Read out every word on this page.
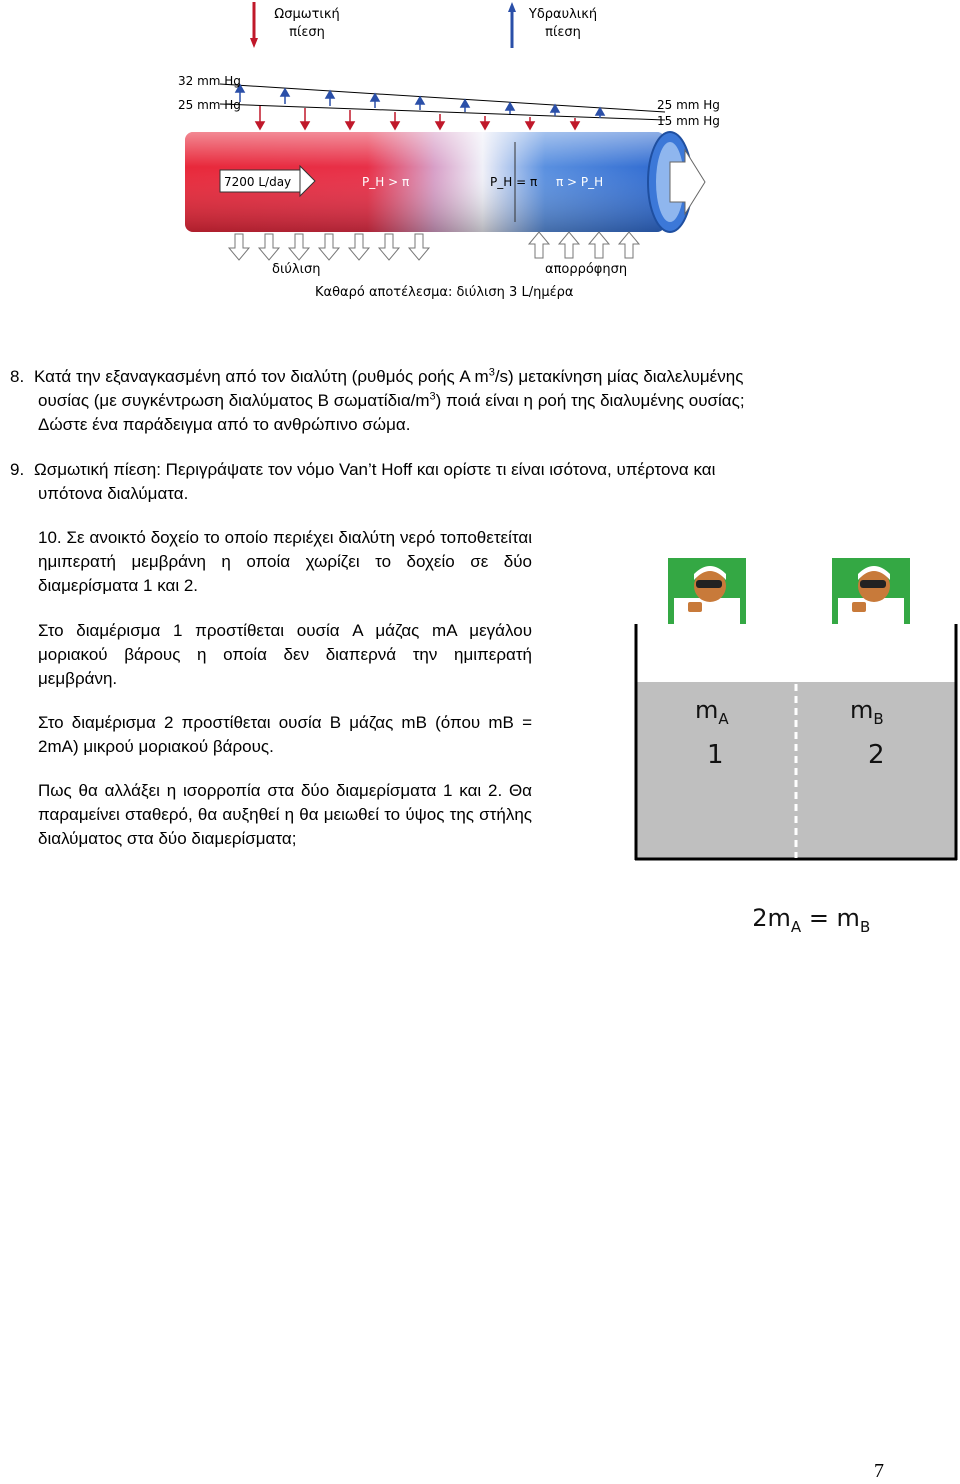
Ωσμωτική
πίεση
Υδραυλική
πίεση
32 mm Hg
25 mm Hg	25 mm Hg
15 mm Hg
7200 L/day	P_H > π	P_H = π π > P_H
διύλιση	απορρόφηση
Καθαρό αποτέλεσμα: διύλιση 3 L/ημέρα
8. Κατά την εξαναγκασμένη από τον διαλύτη (ρυθμός ροής A $m^3/s$) μετακίνηση μίας διαλελυμένης
ουσίας (με συγκέντρωση διαλύματος B σωματίδια/$m^3$) ποιά είναι η ροή της διαλυμένης ουσίας;
Δώστε ένα παράδειγμα από το ανθρώπινο σώμα.
9. Ωσμωτική πίεση: Περιγράψατε τον νόμο Van’t Hoff και ορίστε τι είναι ισότονα, υπέρτονα και
υπότονα διαλύματα.
10. Σε ανοικτό δοχείο το οποίο περιέχει διαλύτη νερό τοποθετείται ημιπερατή μεμβράνη η οποία χωρίζει το δοχείο σε δύο διαμερίσματα 1 και 2.
Στο διαμέρισμα 1 προστίθεται ουσία A μάζας mA μεγάλου μοριακού βάρους η οποία δεν διαπερνά την ημιπερατή μεμβράνη.
Στο διαμέρισμα 2 προστίθεται ουσία B μάζας mB (όπου mB = 2mA) μικρού μοριακού βάρους.
Πως θα αλλάξει η ισορροπία στα δύο διαμερίσματα 1 και 2. Θα παραμείνει σταθερό, θα αυξηθεί η θα μειωθεί το ύψος της στήλης διαλύματος στα δύο διαμερίσματα;
$m_A$	$m_B$
1	2

$2m_A = m_B$

7
